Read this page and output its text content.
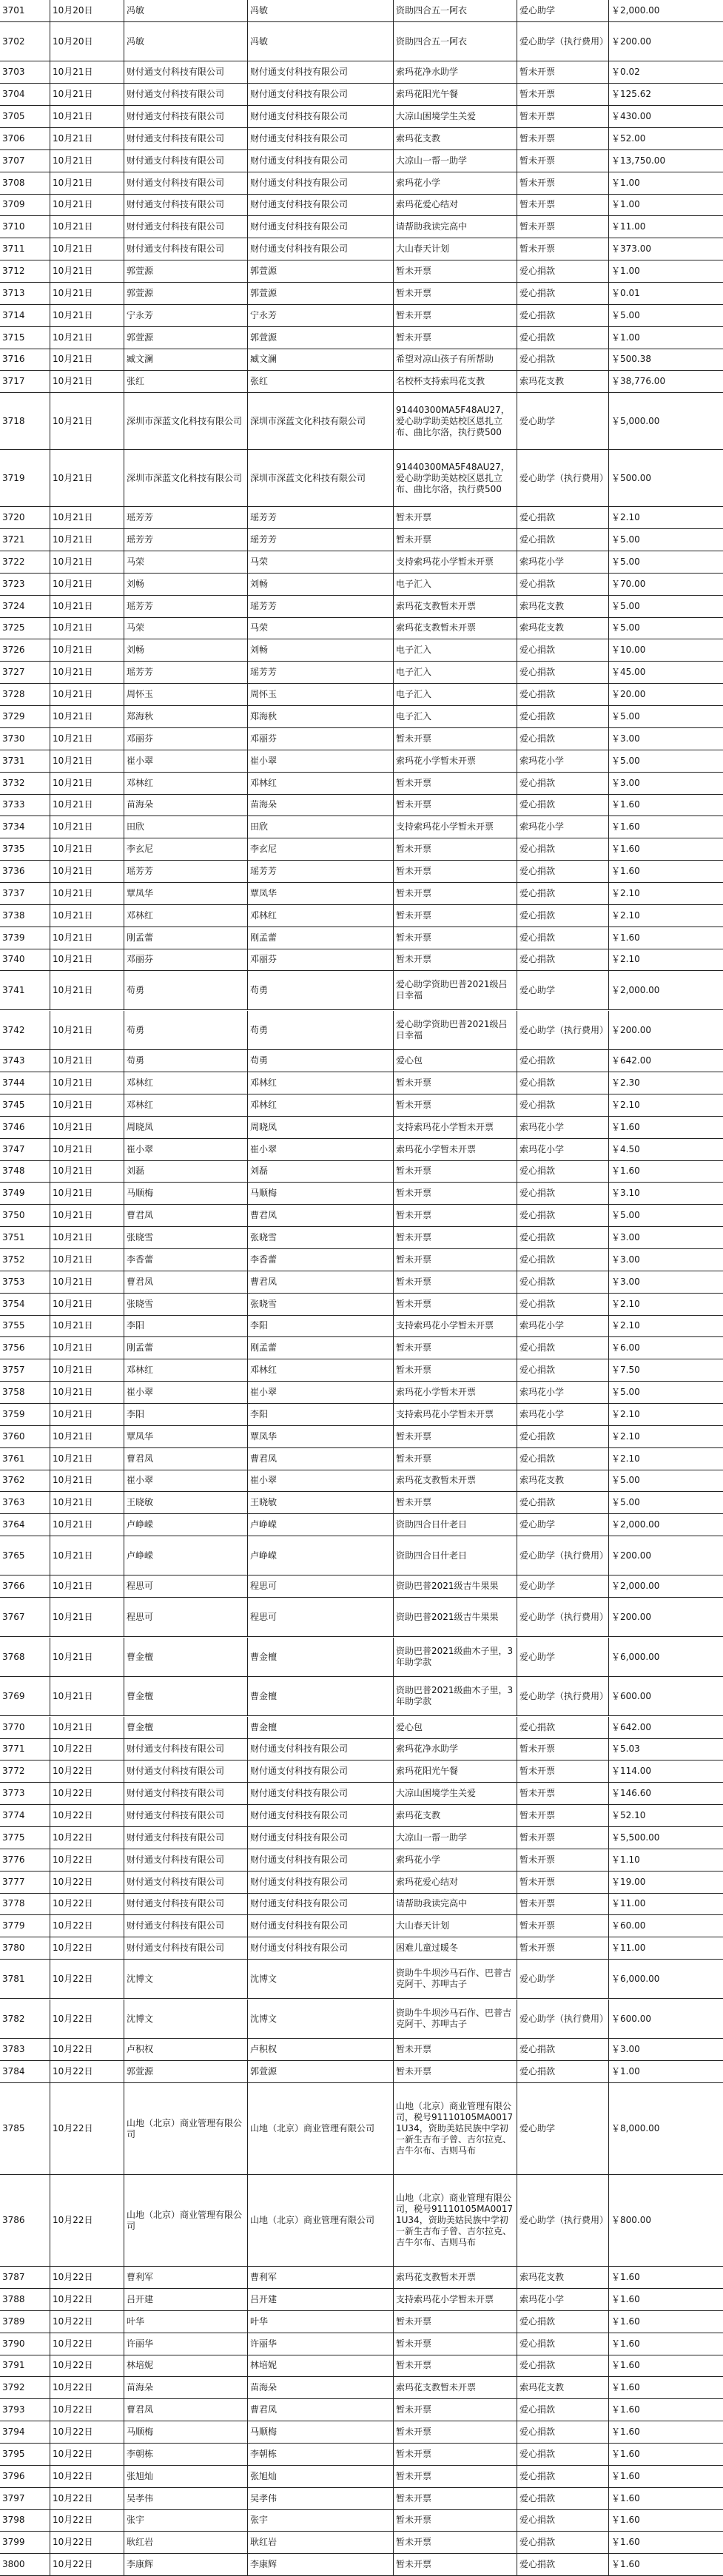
3701	10月20日	冯敏	冯敏	资助四合五一阿衣	爱心助学	￥2,000.00
3702	10月20日	冯敏	冯敏	资助四合五一阿衣	爱心助学（执行费用） ￥200.00
3703	10月21日	财付通支付科技有限公司	财付通支付科技有限公司	索玛花净水助学	暂未开票	￥0.02
3704	10月21日	财付通支付科技有限公司	财付通支付科技有限公司	索玛花阳光午餐	暂未开票	￥125.62
3705	10月21日	财付通支付科技有限公司	财付通支付科技有限公司	大凉山困境学生关爱	暂未开票	￥430.00
3706	10月21日	财付通支付科技有限公司	财付通支付科技有限公司	索玛花支教	暂未开票	￥52.00
3707	10月21日	财付通支付科技有限公司	财付通支付科技有限公司	大凉山一帮一助学	暂未开票	￥13,750.00
3708	10月21日	财付通支付科技有限公司	财付通支付科技有限公司	索玛花小学	暂未开票	￥1.00
3709	10月21日	财付通支付科技有限公司	财付通支付科技有限公司	索玛花爱心结对	暂未开票	￥1.00
3710	10月21日	财付通支付科技有限公司	财付通支付科技有限公司	请帮助我读完高中	暂未开票	￥11.00
3711	10月21日	财付通支付科技有限公司	财付通支付科技有限公司	大山春天计划	暂未开票	￥373.00
3712	10月21日	郭萱源	郭萱源	暂未开票	爱心捐款	￥1.00
3713	10月21日	郭萱源	郭萱源	暂未开票	爱心捐款	￥0.01
3714	10月21日	宁永芳	宁永芳	暂未开票	爱心捐款	￥5.00
3715	10月21日	郭萱源	郭萱源	暂未开票	爱心捐款	￥1.00
3716	10月21日	臧文澜	臧文澜	希望对凉山孩子有所帮助	爱心捐款	￥500.38
3717	10月21日	张红	张红	名校杯支持索玛花支教	索玛花支教	￥38,776.00
3718	10月21日	深圳市深蓝文化科技有限公司 深圳市深蓝文化科技有限公司
91440300MA5F48AU27，爱心助学助美姑校区恩扎立布、曲比尔洛，执行费500
爱心助学	￥5,000.00
3719	10月21日	深圳市深蓝文化科技有限公司 深圳市深蓝文化科技有限公司
91440300MA5F48AU27，爱心助学助美姑校区恩扎立布、曲比尔洛，执行费500
爱心助学（执行费用） ￥500.00
3720	10月21日	瑶芳芳	瑶芳芳	暂未开票	爱心捐款	￥2.10
3721	10月21日	瑶芳芳	瑶芳芳	暂未开票	爱心捐款	￥5.00
3722	10月21日	马荣	马荣	支持索玛花小学暂未开票	索玛花小学	￥5.00
3723	10月21日	刘畅	刘畅	电子汇入	爱心捐款	￥70.00
3724	10月21日	瑶芳芳	瑶芳芳	索玛花支教暂未开票	索玛花支教	￥5.00
3725	10月21日	马荣	马荣	索玛花支教暂未开票	索玛花支教	￥5.00
3726	10月21日	刘畅	刘畅	电子汇入	爱心捐款	￥10.00
3727	10月21日	瑶芳芳	瑶芳芳	电子汇入	爱心捐款	￥45.00
3728	10月21日	周怀玉	周怀玉	电子汇入	爱心捐款	￥20.00
3729	10月21日	郑海秋	郑海秋	电子汇入	爱心捐款	￥5.00
3730	10月21日	邓丽芬	邓丽芬	暂未开票	爱心捐款	￥3.00
3731	10月21日	崔小翠	崔小翠	索玛花小学暂未开票	索玛花小学	￥5.00
3732	10月21日	邓林红	邓林红	暂未开票	爱心捐款	￥3.00
3733	10月21日	苗海朵	苗海朵	暂未开票	爱心捐款	￥1.60
3734	10月21日	田欣	田欣	支持索玛花小学暂未开票	索玛花小学	￥1.60
3735	10月21日	李玄尼	李玄尼	暂未开票	爱心捐款	￥1.60
3736	10月21日	瑶芳芳	瑶芳芳	暂未开票	爱心捐款	￥1.60
3737	10月21日	覃凤华	覃凤华	暂未开票	爱心捐款	￥2.10
3738	10月21日	邓林红	邓林红	暂未开票	爱心捐款	￥2.10
3739	10月21日	刚孟蕾	刚孟蕾	暂未开票	爱心捐款	￥1.60
3740	10月21日	邓丽芬	邓丽芬	暂未开票	爱心捐款	￥2.10
3741	10月21日	苟勇	苟勇
爱心助学资助巴普2021级吕日幸福
爱心助学	￥2,000.00
3742	10月21日	苟勇	苟勇
爱心助学资助巴普2021级吕日幸福
爱心助学（执行费用） ￥200.00
3743	10月21日	苟勇	苟勇	爱心包	爱心捐款	￥642.00
3744	10月21日	邓林红	邓林红	暂未开票	爱心捐款	￥2.30
3745	10月21日	邓林红	邓林红	暂未开票	爱心捐款	￥2.10
3746	10月21日	周晓凤	周晓凤	支持索玛花小学暂未开票	索玛花小学	￥1.60
3747	10月21日	崔小翠	崔小翠	索玛花小学暂未开票	索玛花小学	￥4.50
3748	10月21日	刘磊	刘磊	暂未开票	爱心捐款	￥1.60
3749	10月21日	马顺梅	马顺梅	暂未开票	爱心捐款	￥3.10
3750	10月21日	曹君凤	曹君凤	暂未开票	爱心捐款	￥5.00
3751	10月21日	张晓雪	张晓雪	暂未开票	爱心捐款	￥3.00
3752	10月21日	李香蕾	李香蕾	暂未开票	爱心捐款	￥3.00
3753	10月21日	曹君凤	曹君凤	暂未开票	爱心捐款	￥3.00
3754	10月21日	张晓雪	张晓雪	暂未开票	爱心捐款	￥2.10
3755	10月21日	李阳	李阳	支持索玛花小学暂未开票	索玛花小学	￥2.10
3756	10月21日	刚孟蕾	刚孟蕾	暂未开票	爱心捐款	￥6.00
3757	10月21日	邓林红	邓林红	暂未开票	爱心捐款	￥7.50
3758	10月21日	崔小翠	崔小翠	索玛花小学暂未开票	索玛花小学	￥5.00
3759	10月21日	李阳	李阳	支持索玛花小学暂未开票	索玛花小学	￥2.10
3760	10月21日	覃凤华	覃凤华	暂未开票	爱心捐款	￥2.10
3761	10月21日	曹君凤	曹君凤	暂未开票	爱心捐款	￥2.10
3762	10月21日	崔小翠	崔小翠	索玛花支教暂未开票	索玛花支教	￥5.00
3763	10月21日	王晓敏	王晓敏	暂未开票	爱心捐款	￥5.00
3764	10月21日	卢峥嵘	卢峥嵘	资助四合日什老日	爱心助学	￥2,000.00
3765	10月21日	卢峥嵘	卢峥嵘	资助四合日什老日	爱心助学（执行费用） ￥200.00
3766	10月21日	程思可	程思可	资助巴普2021级吉牛果果	爱心助学	￥2,000.00
3767	10月21日	程思可	程思可	资助巴普2021级吉牛果果	爱心助学（执行费用） ￥200.00
3768	10月21日	曹金檀	曹金檀
资助巴普2021级曲木子里，3年助学款
爱心助学	￥6,000.00
3769	10月21日	曹金檀	曹金檀
资助巴普2021级曲木子里，3年助学款
爱心助学（执行费用） ￥600.00
3770	10月21日	曹金檀	曹金檀	爱心包	爱心捐款	￥642.00
3771	10月22日	财付通支付科技有限公司	财付通支付科技有限公司	索玛花净水助学	暂未开票	￥5.03
3772	10月22日	财付通支付科技有限公司	财付通支付科技有限公司	索玛花阳光午餐	暂未开票	￥114.00
3773	10月22日	财付通支付科技有限公司	财付通支付科技有限公司	大凉山困境学生关爱	暂未开票	￥146.60
3774	10月22日	财付通支付科技有限公司	财付通支付科技有限公司	索玛花支教	暂未开票	￥52.10
3775	10月22日	财付通支付科技有限公司	财付通支付科技有限公司	大凉山一帮一助学	暂未开票	￥5,500.00
3776	10月22日	财付通支付科技有限公司	财付通支付科技有限公司	索玛花小学	暂未开票	￥1.10
3777	10月22日	财付通支付科技有限公司	财付通支付科技有限公司	索玛花爱心结对	暂未开票	￥19.00
3778	10月22日	财付通支付科技有限公司	财付通支付科技有限公司	请帮助我读完高中	暂未开票	￥11.00
3779	10月22日	财付通支付科技有限公司	财付通支付科技有限公司	大山春天计划	暂未开票	￥60.00
3780	10月22日	财付通支付科技有限公司	财付通支付科技有限公司	困难儿童过暖冬	暂未开票	￥11.00
3781	10月22日	沈博文	沈博文
资助牛牛坝沙马石作、巴普吉克阿干、苏呷古子
爱心助学	￥6,000.00
3782	10月22日	沈博文	沈博文
资助牛牛坝沙马石作、巴普吉克阿干、苏呷古子
爱心助学（执行费用） ￥600.00
3783	10月22日	卢积权	卢积权	暂未开票	爱心捐款	￥3.00
3784	10月22日	郭萱源	郭萱源	暂未开票	爱心捐款	￥1.00
3785	10月22日
山地（北京）商业管理有限公司
山地（北京）商业管理有限公司
山地（北京）商业管理有限公司，税号91110105MA00171U34，资助美姑民族中学初一新生吉布子曾、吉尔拉克、吉牛尔布、吉则马布
爱心助学	￥8,000.00
3786	10月22日
山地（北京）商业管理有限公司
山地（北京）商业管理有限公司
山地（北京）商业管理有限公司，税号91110105MA00171U34，资助美姑民族中学初一新生吉布子曾、吉尔拉克、吉牛尔布、吉则马布
爱心助学（执行费用） ￥800.00
3787	10月22日	曹利军	曹利军	索玛花支教暂未开票	索玛花支教	￥1.60
3788	10月22日	吕开建	吕开建	支持索玛花小学暂未开票	索玛花小学	￥1.60
3789	10月22日	叶华	叶华	暂未开票	爱心捐款	￥1.60
3790	10月22日	许丽华	许丽华	暂未开票	爱心捐款	￥1.60
3791	10月22日	林培妮	林培妮	暂未开票	爱心捐款	￥1.60
3792	10月22日	苗海朵	苗海朵	索玛花支教暂未开票	索玛花支教	￥1.60
3793	10月22日	曹君凤	曹君凤	暂未开票	爱心捐款	￥1.60
3794	10月22日	马顺梅	马顺梅	暂未开票	爱心捐款	￥1.60
3795	10月22日	李朝栋	李朝栋	暂未开票	爱心捐款	￥1.60
3796	10月22日	张旭灿	张旭灿	暂未开票	爱心捐款	￥1.60
3797	10月22日	吴孝伟	吴孝伟	暂未开票	爱心捐款	￥1.60
3798	10月22日	张宇	张宇	暂未开票	爱心捐款	￥1.60
3799	10月22日	耿红岩	耿红岩	暂未开票	爱心捐款	￥1.60
3800	10月22日	李康辉	李康辉	暂未开票	爱心捐款	￥1.60
